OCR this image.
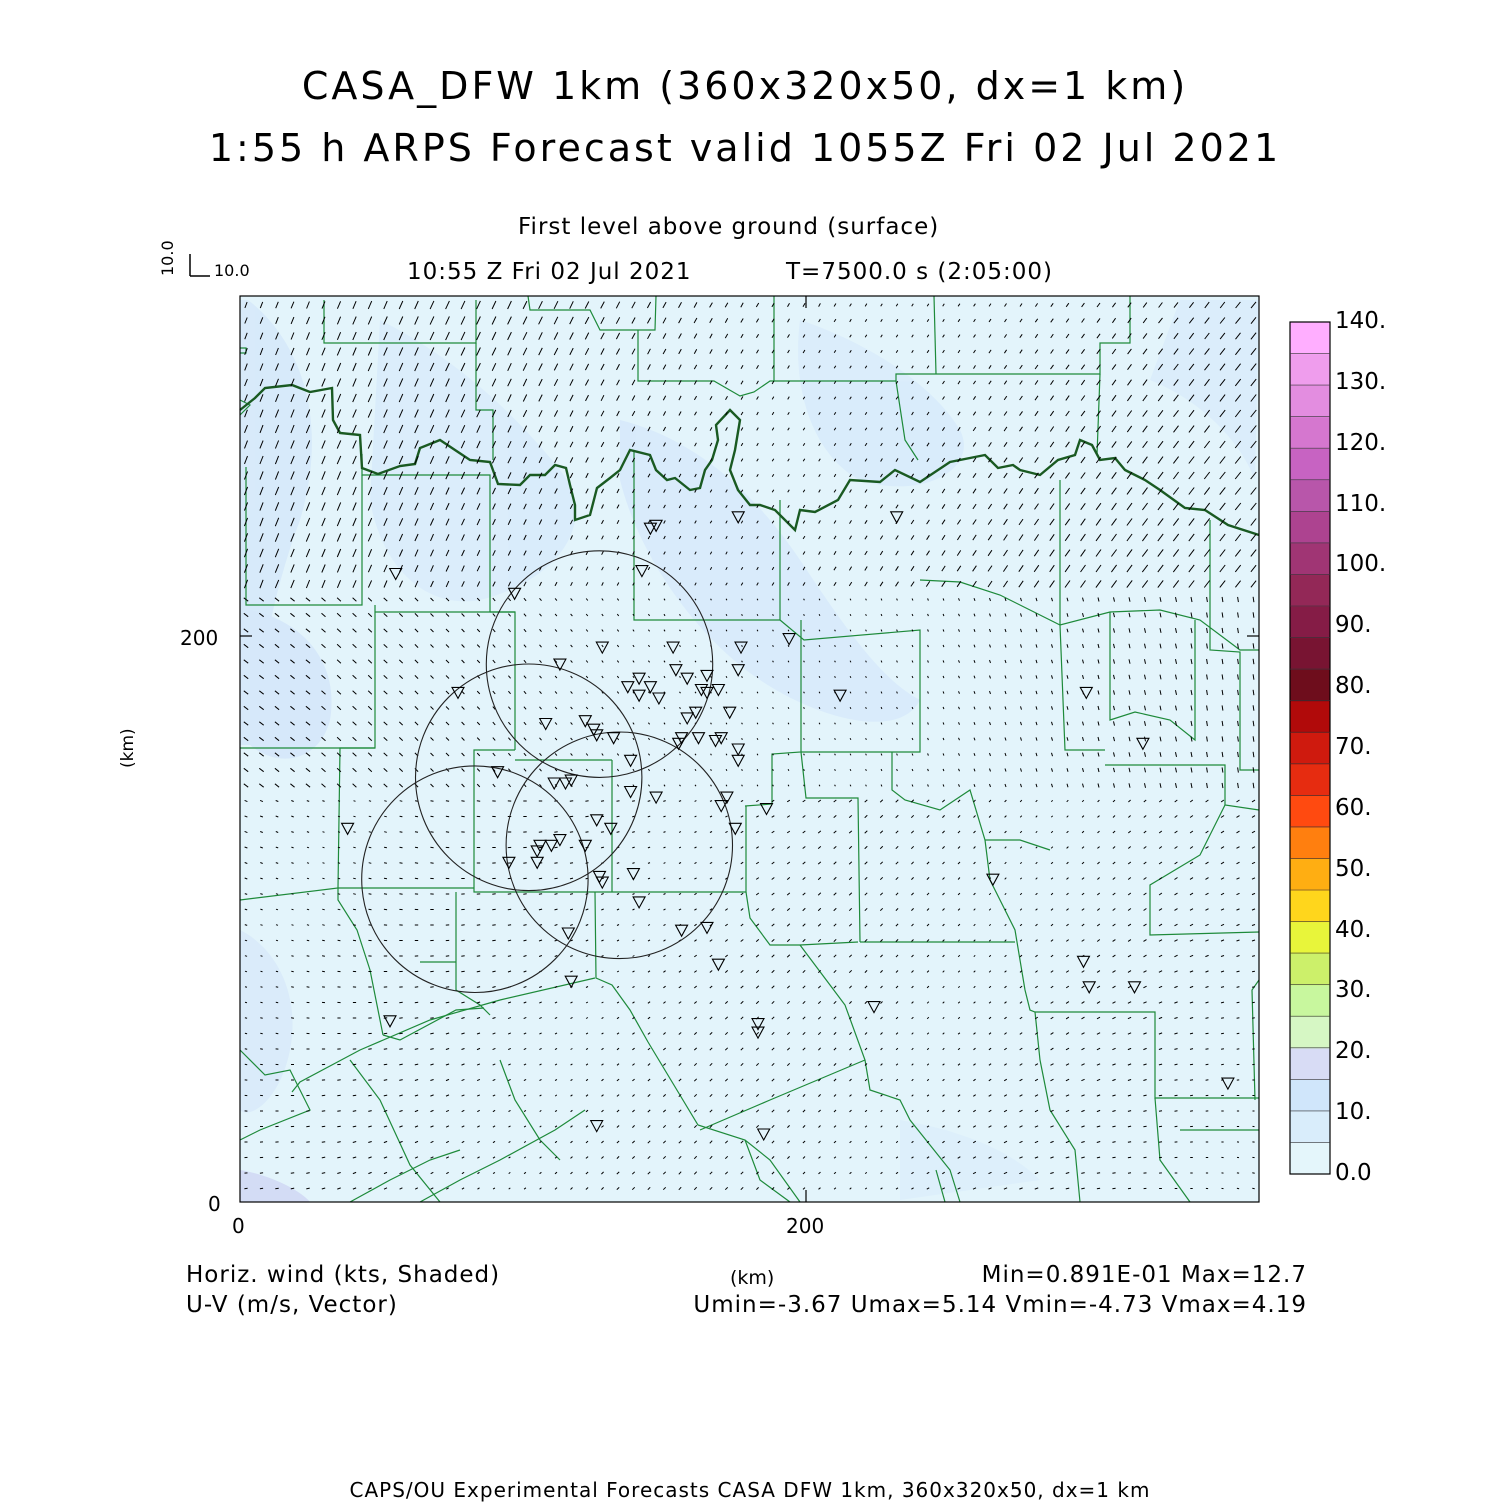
CASA_DFW 1km (360x320x50, dx=1 km)
1:55 h ARPS Forecast valid 1055Z Fri 02 Jul 2021
First level above ground (surface)
10:55 Z Fri 02 Jul 2021	T=7500.0 s (2:05:00)
10.0 10.0
200
0
0	200
(km)
140.
130.
120.
110.
100.
90.
80.
70.
60.
50.
40.
30.
20.
10.
0.0
Horiz. wind (kts, Shaded)
U-V (m/s, Vector)
(km)	Min=0.891E-01 Max=12.7
Umin=-3.67 Umax=5.14 Vmin=-4.73 Vmax=4.19
CAPS/OU Experimental Forecasts CASA DFW 1km, 360x320x50, dx=1 km
